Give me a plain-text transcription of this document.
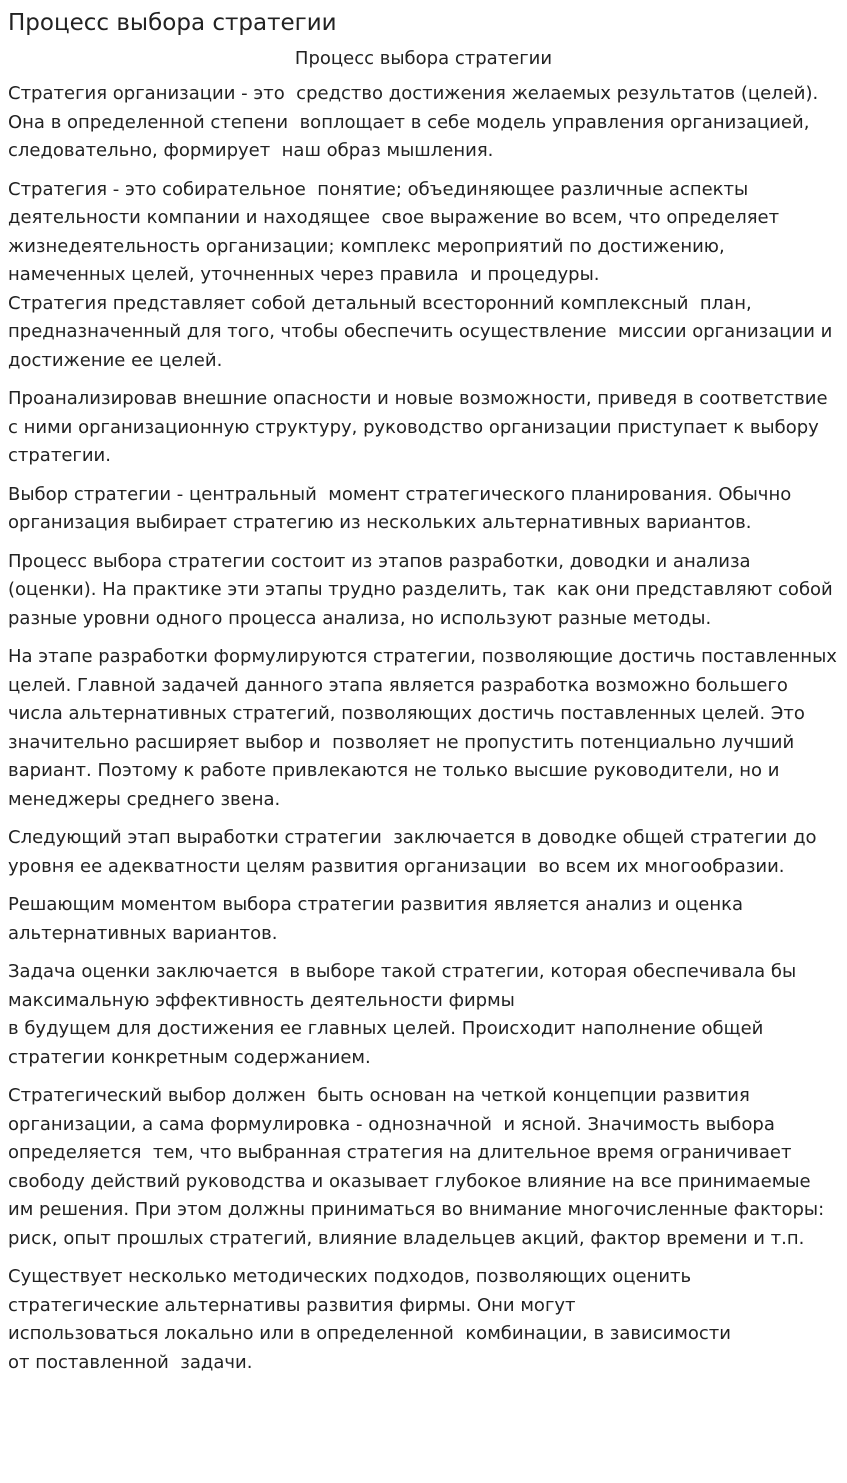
Процесс выбора стратегии
Процесс выбора стратегии

Стратегия организации - это  средство достижения желаемых результатов (целей). Она в определенной степени  воплощает в себе модель управления организацией, следовательно, формирует  наш образ мышления.

Стратегия - это собирательное  понятие; объединяющее различные аспекты деятельности компании и находящее  свое выражение во всем, что определяет жизнедеятельность организации; комплекс мероприятий по достижению, намеченных целей, уточненных через правила  и процедуры.
Стратегия представляет собой детальный всесторонний комплексный  план, предназначенный для того, чтобы обеспечить осуществление  миссии организации и достижение ее целей.

Проанализировав внешние опасности и новые возможности, приведя в соответствие с ними организационную структуру, руководство организации приступает к выбору стратегии.

Выбор стратегии - центральный  момент стратегического планирования. Обычно организация выбирает стратегию из нескольких альтернативных вариантов.

Процесс выбора стратегии состоит из этапов разработки, доводки и анализа (оценки). На практике эти этапы трудно разделить, так  как они представляют собой разные уровни одного процесса анализа, но используют разные методы.

На этапе разработки формулируются стратегии, позволяющие достичь поставленных целей. Главной задачей данного этапа является разработка возможно большего числа альтернативных стратегий, позволяющих достичь поставленных целей. Это значительно расширяет выбор и  позволяет не пропустить потенциально лучший вариант. Поэтому к работе привлекаются не только высшие руководители, но и менеджеры среднего звена.

Следующий этап выработки стратегии  заключается в доводке общей стратегии до уровня ее адекватности целям развития организации  во всем их многообразии.

Решающим моментом выбора стратегии развития является анализ и оценка альтернативных вариантов.

Задача оценки заключается  в выборе такой стратегии, которая обеспечивала бы максимальную эффективность деятельности фирмы
в будущем для достижения ее главных целей. Происходит наполнение общей стратегии конкретным содержанием.

Стратегический выбор должен  быть основан на четкой концепции развития организации, а сама формулировка - однозначной  и ясной. Значимость выбора определяется  тем, что выбранная стратегия на длительное время ограничивает свободу действий руководства и оказывает глубокое влияние на все принимаемые им решения. При этом должны приниматься во внимание многочисленные факторы: риск, опыт прошлых стратегий, влияние владельцев акций, фактор времени и т.п.

Существует несколько методических подходов, позволяющих оценить стратегические альтернативы развития фирмы. Они могут
использоваться локально или в определенной  комбинации, в зависимости
от поставленной  задачи.
